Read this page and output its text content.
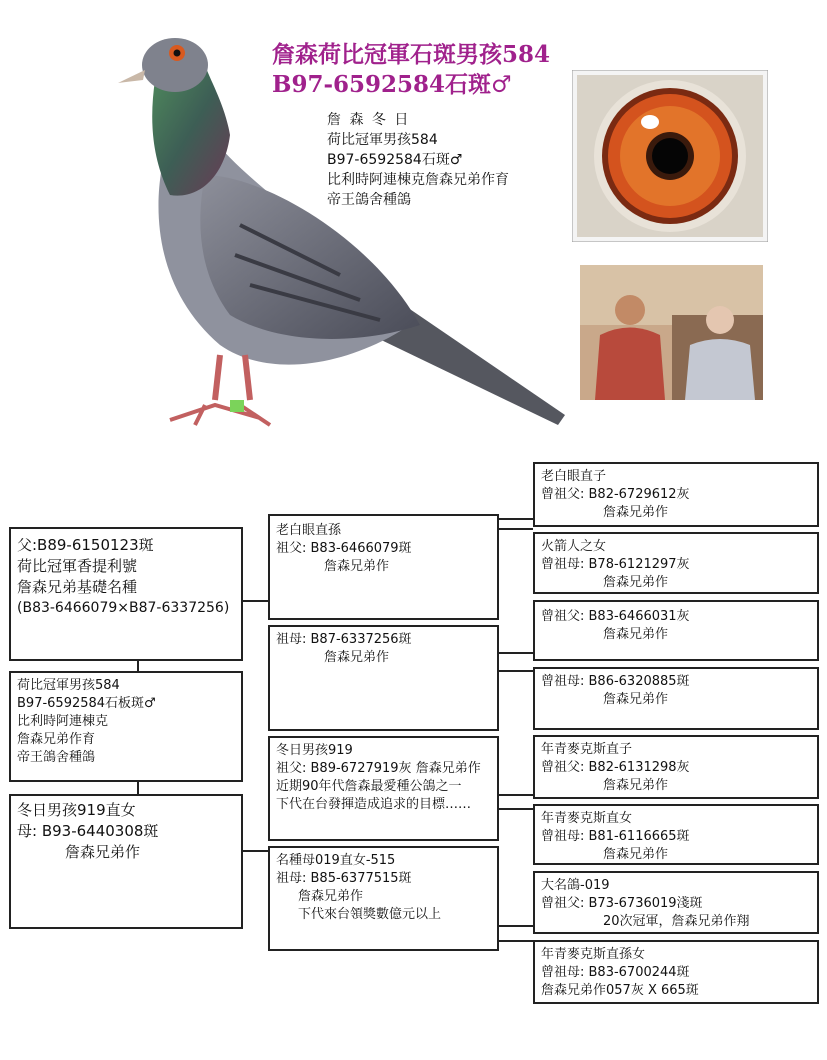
詹森荷比冠軍石斑男孩584
B97-6592584石斑♂
詹 森 冬 日
荷比冠軍男孩584
B97-6592584石斑♂
比利時阿連棟克詹森兄弟作育
帝王鴿舍種鴿
父:B89-6150123斑
荷比冠軍香提利號
詹森兄弟基礎名種
(B83-6466079×B87-6337256)
荷比冠軍男孩584
B97-6592584石板斑♂
比利時阿連棟克
詹森兄弟作育
帝王鴿舍種鴿
冬日男孩919直女
母: B93-6440308斑
詹森兄弟作
老白眼直孫
祖父: B83-6466079斑
詹森兄弟作
祖母: B87-6337256斑
詹森兄弟作
冬日男孩919
祖父: B89-6727919灰 詹森兄弟作
近期90年代詹森最愛種公鴿之一
下代在台發揮造成追求的目標……
名種母019直女-515
祖母: B85-6377515斑
詹森兄弟作
下代來台領獎數億元以上
老白眼直子
曾祖父: B82-6729612灰
詹森兄弟作
火箭人之女
曾祖母: B78-6121297灰
詹森兄弟作
曾祖父: B83-6466031灰
詹森兄弟作
曾祖母: B86-6320885斑
詹森兄弟作
年青麥克斯直子
曾祖父: B82-6131298灰
詹森兄弟作
年青麥克斯直女
曾祖母: B81-6116665斑
詹森兄弟作
大名鴿-019
曾祖父: B73-6736019淺斑
20次冠軍，詹森兄弟作翔
年青麥克斯直孫女
曾祖母: B83-6700244斑
詹森兄弟作057灰 X 665斑
